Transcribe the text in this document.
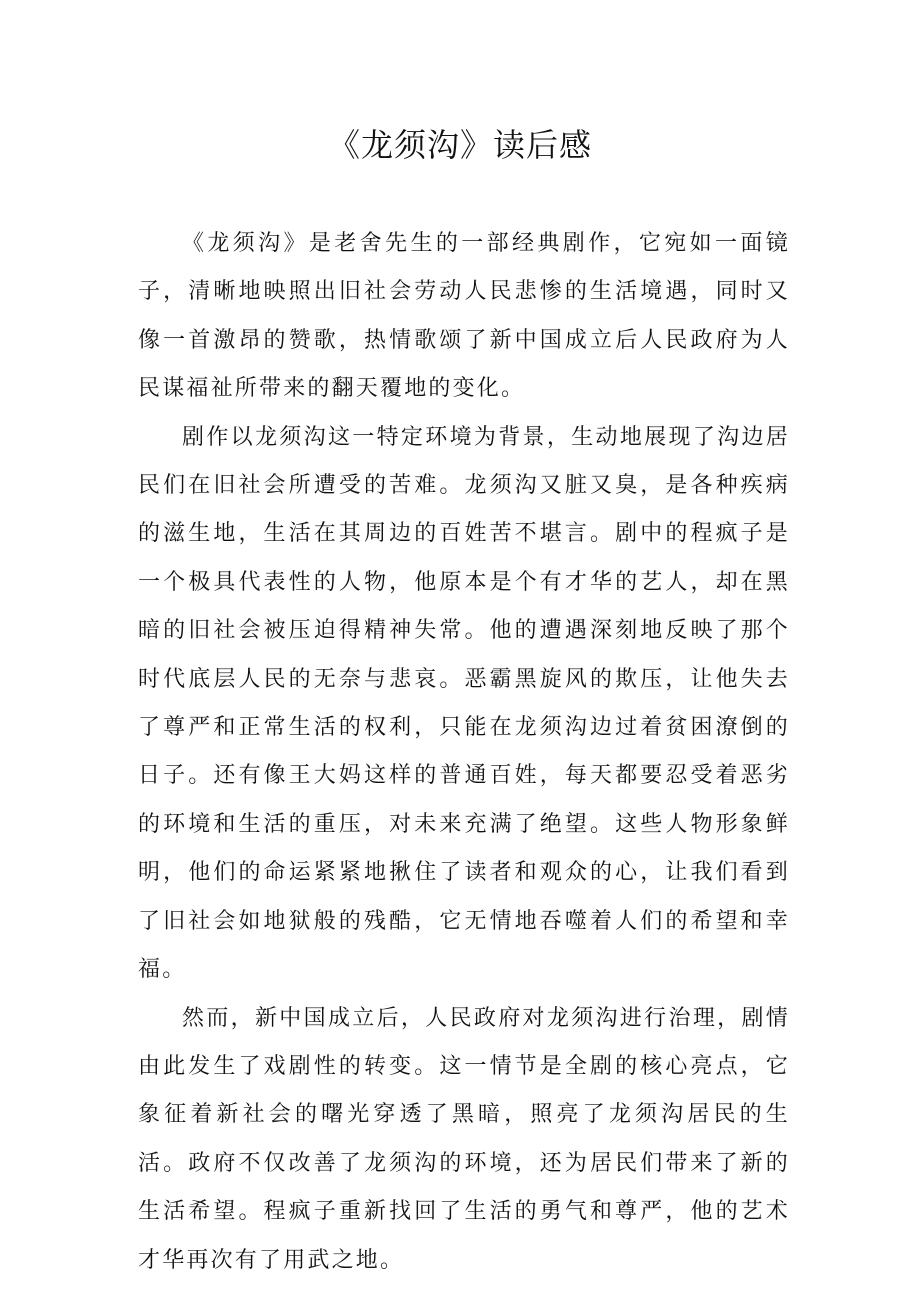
《龙须沟》读后感

《龙须沟》是老舍先生的一部经典剧作，它宛如一面镜子，清晰地映照出旧社会劳动人民悲惨的生活境遇，同时又像一首激昂的赞歌，热情歌颂了新中国成立后人民政府为人民谋福祉所带来的翻天覆地的变化。

剧作以龙须沟这一特定环境为背景，生动地展现了沟边居民们在旧社会所遭受的苦难。龙须沟又脏又臭，是各种疾病的滋生地，生活在其周边的百姓苦不堪言。剧中的程疯子是一个极具代表性的人物，他原本是个有才华的艺人，却在黑暗的旧社会被压迫得精神失常。他的遭遇深刻地反映了那个时代底层人民的无奈与悲哀。恶霸黑旋风的欺压，让他失去了尊严和正常生活的权利，只能在龙须沟边过着贫困潦倒的日子。还有像王大妈这样的普通百姓，每天都要忍受着恶劣的环境和生活的重压，对未来充满了绝望。这些人物形象鲜明，他们的命运紧紧地揪住了读者和观众的心，让我们看到了旧社会如地狱般的残酷，它无情地吞噬着人们的希望和幸福。

然而，新中国成立后，人民政府对龙须沟进行治理，剧情由此发生了戏剧性的转变。这一情节是全剧的核心亮点，它象征着新社会的曙光穿透了黑暗，照亮了龙须沟居民的生活。政府不仅改善了龙须沟的环境，还为居民们带来了新的生活希望。程疯子重新找回了生活的勇气和尊严，他的艺术才华再次有了用武之地。
